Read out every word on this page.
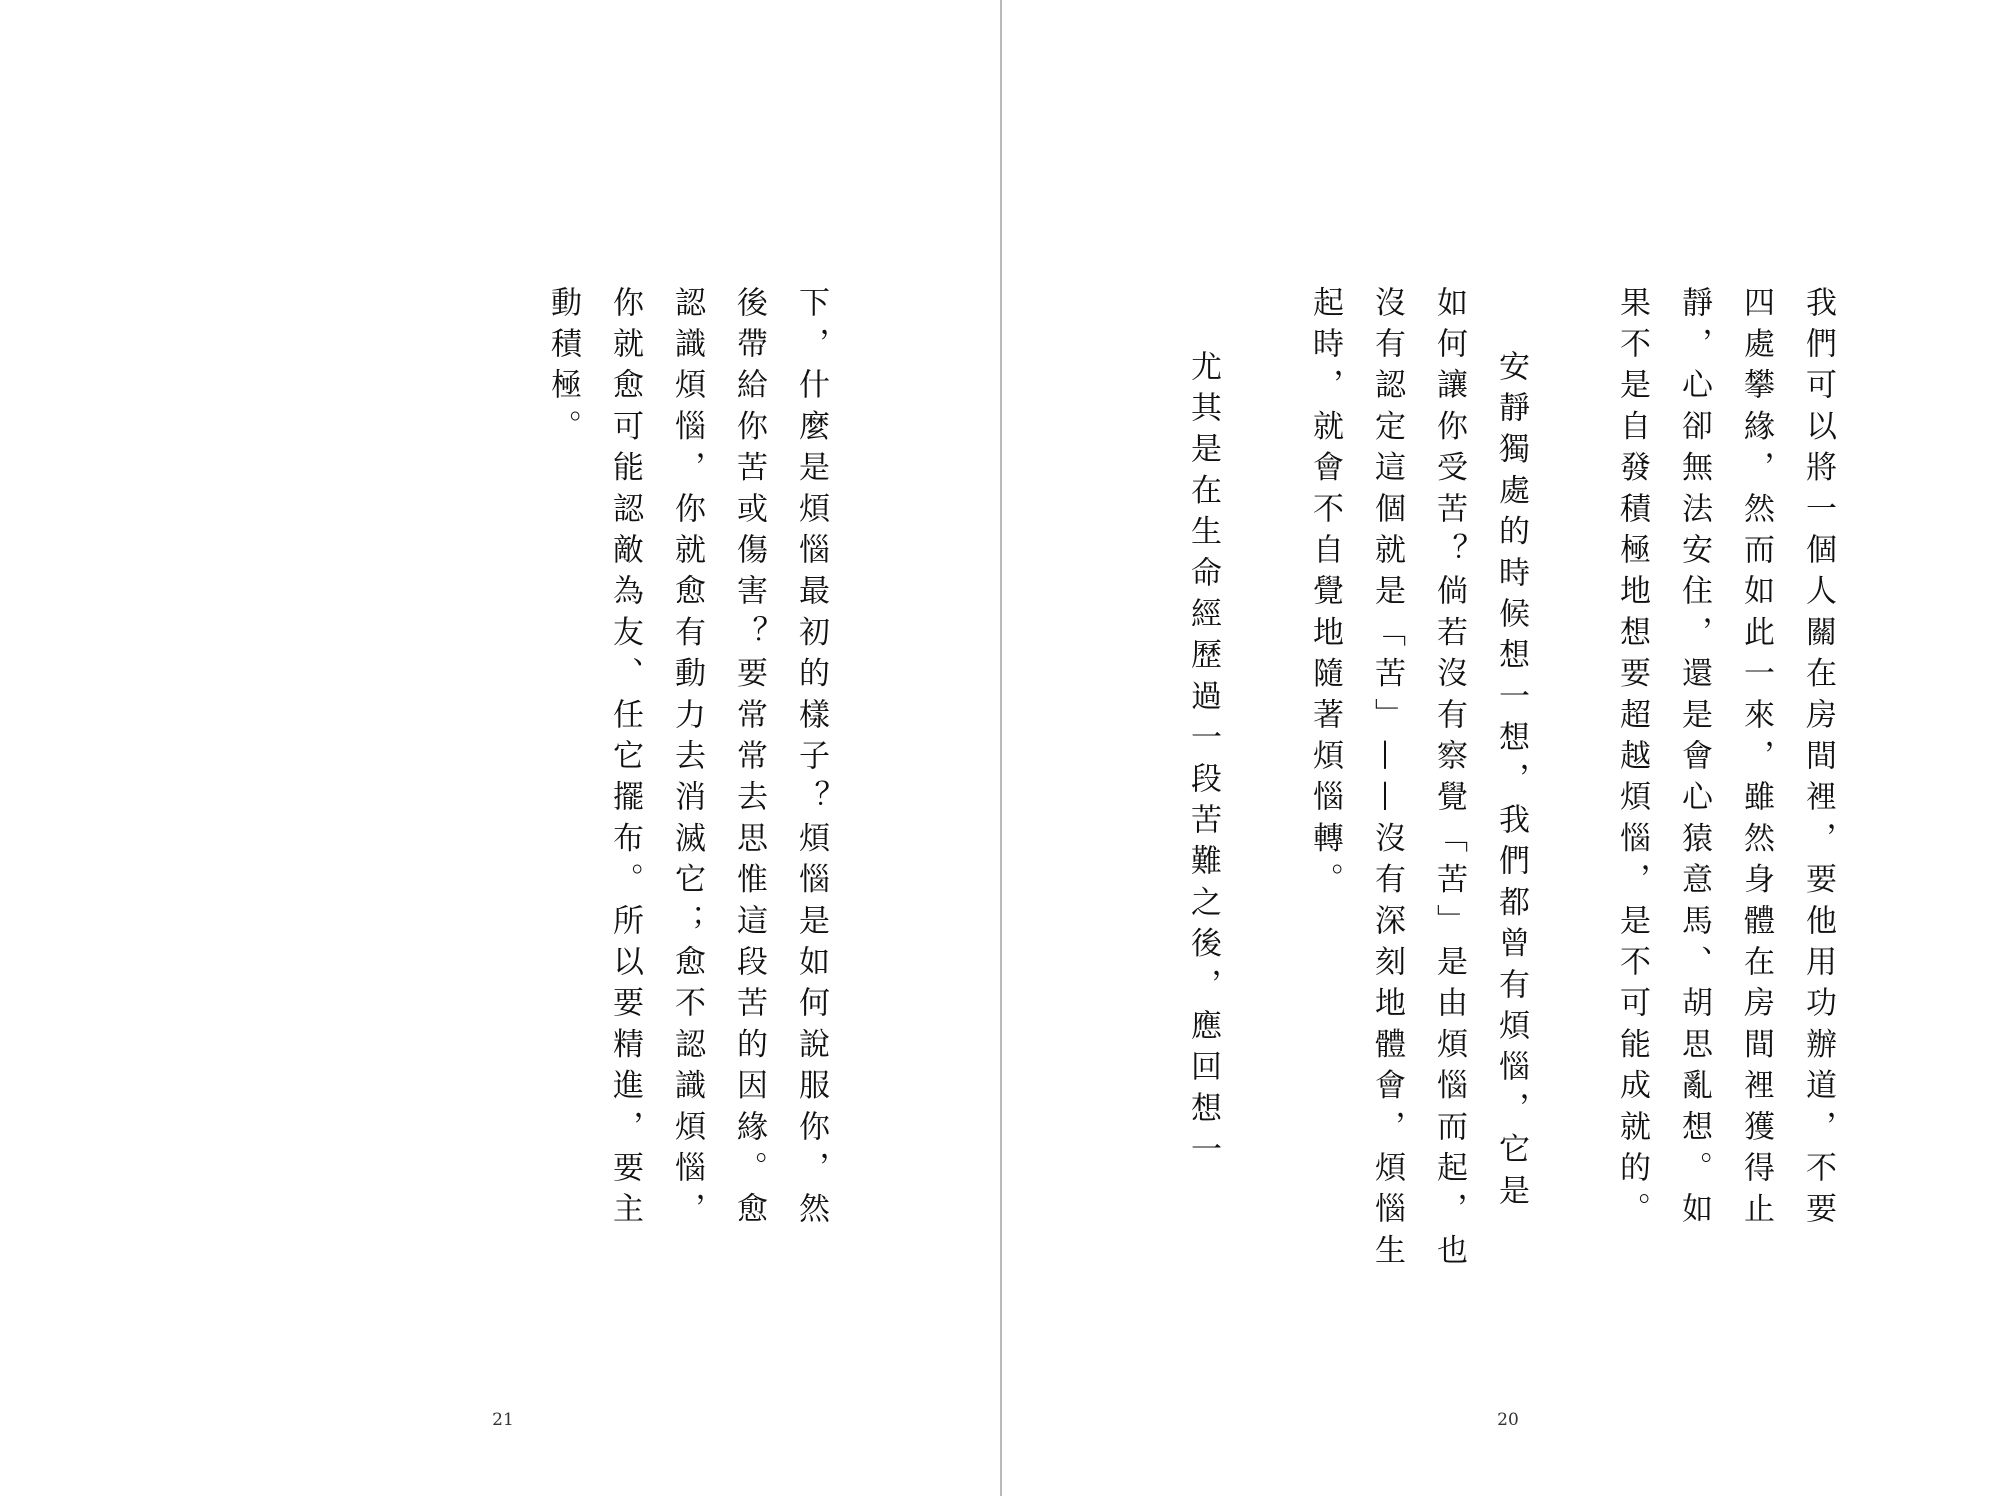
下，什麼是煩惱最初的樣子？煩惱是如何說服你，然
後帶給你苦或傷害？要常常去思惟這段苦的因緣。愈
認識煩惱，你就愈有動力去消滅它；愈不認識煩惱，
你就愈可能認敵為友、任它擺布。所以要精進，要主
動積極。
21
我們可以將一個人關在房間裡，要他用功辦道，不要
四處攀緣，然而如此一來，雖然身體在房間裡獲得止
靜，心卻無法安住，還是會心猿意馬、胡思亂想。如
果不是自發積極地想要超越煩惱，是不可能成就的。
安靜獨處的時候想一想，我們都曾有煩惱，它是
如何讓你受苦？倘若沒有察覺「苦」是由煩惱而起，也
沒有認定這個就是「苦」——沒有深刻地體會，煩惱生
起時，就會不自覺地隨著煩惱轉。
尤其是在生命經歷過一段苦難之後，應回想一
20
